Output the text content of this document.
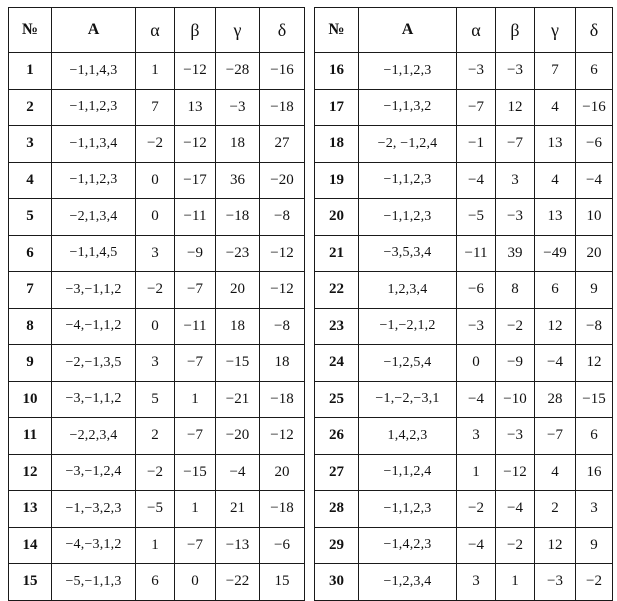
№	A	α	β	γ	δ
1	−1,1,4,3	1	−12	−28	−16
2	−1,1,2,3	7	13	−3	−18
3	−1,1,3,4	−2	−12	18	27
4	−1,1,2,3	0	−17	36	−20
5	−2,1,3,4	0	−11	−18	−8
6	−1,1,4,5	3	−9	−23	−12
7	−3,−1,1,2	−2	−7	20	−12
8	−4,−1,1,2	0	−11	18	−8
9	−2,−1,3,5	3	−7	−15	18
10	−3,−1,1,2	5	1	−21	−18
11	−2,2,3,4	2	−7	−20	−12
12	−3,−1,2,4	−2	−15	−4	20
13	−1,−3,2,3	−5	1	21	−18
14	−4,−3,1,2	1	−7	−13	−6
15	−5,−1,1,3	6	0	−22	15
№	A	α	β	γ	δ
16	−1,1,2,3	−3	−3	7	6
17	−1,1,3,2	−7	12	4	−16
18	−2, −1,2,4	−1	−7	13	−6
19	−1,1,2,3	−4	3	4	−4
20	−1,1,2,3	−5	−3	13	10
21	−3,5,3,4	−11	39	−49	20
22	1,2,3,4	−6	8	6	9
23	−1,−2,1,2	−3	−2	12	−8
24	−1,2,5,4	0	−9	−4	12
25	−1,−2,−3,1	−4	−10	28	−15
26	1,4,2,3	3	−3	−7	6
27	−1,1,2,4	1	−12	4	16
28	−1,1,2,3	−2	−4	2	3
29	−1,4,2,3	−4	−2	12	9
30	−1,2,3,4	3	1	−3	−2
